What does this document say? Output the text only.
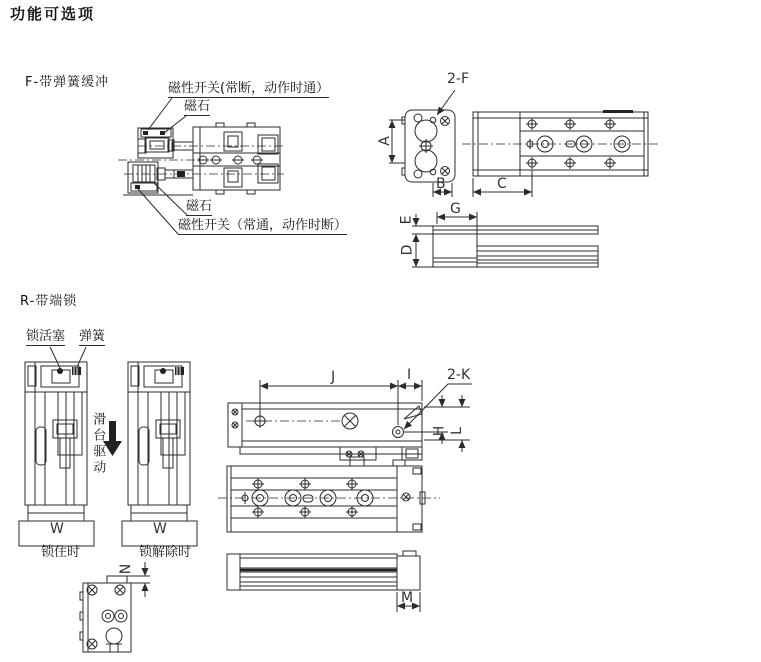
功能可选项
F-带弹簧缓冲	磁性开关(常断，动作时通）
磁石
磁石
磁性开关（常通，动作时断）
2-F
A
B	C
E
D
G
R-带端锁
锁活塞 弹簧
滑台驱动
W	W
锁住时	锁解除时
N
J	I	2-K
H L
M
